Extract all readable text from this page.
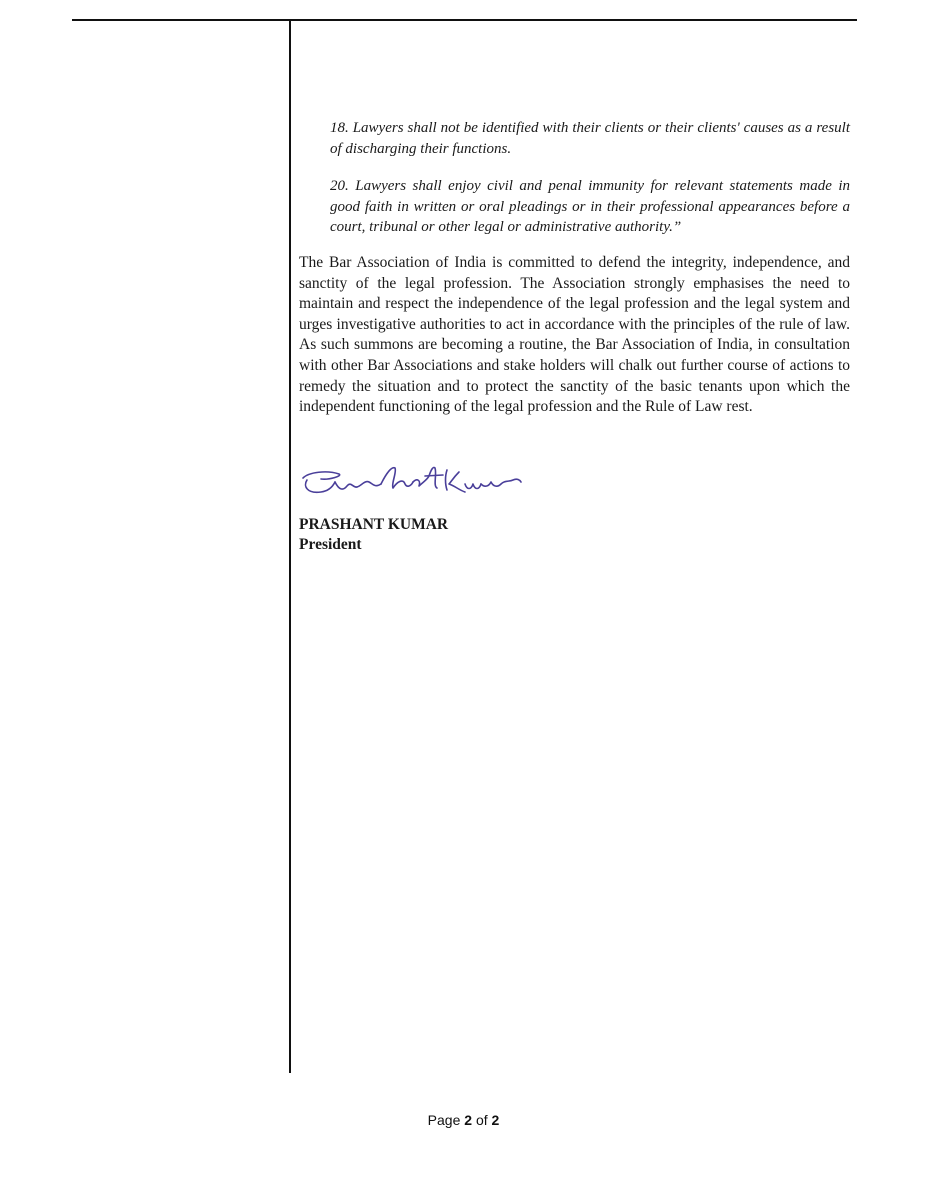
18. Lawyers shall not be identified with their clients or their clients' causes as a result of discharging their functions.

20. Lawyers shall enjoy civil and penal immunity for relevant statements made in good faith in written or oral pleadings or in their professional appearances before a court, tribunal or other legal or administrative authority.”

The Bar Association of India is committed to defend the integrity, independence, and sanctity of the legal profession. The Association strongly emphasises the need to maintain and respect the independence of the legal profession and the legal system and urges investigative authorities to act in accordance with the principles of the rule of law. As such summons are becoming a routine, the Bar Association of India, in consultation with other Bar Associations and stake holders will chalk out further course of actions to remedy the situation and to protect the sanctity of the basic tenants upon which the independent functioning of the legal profession and the Rule of Law rest.

PRASHANT KUMAR
President
Page 2 of 2
